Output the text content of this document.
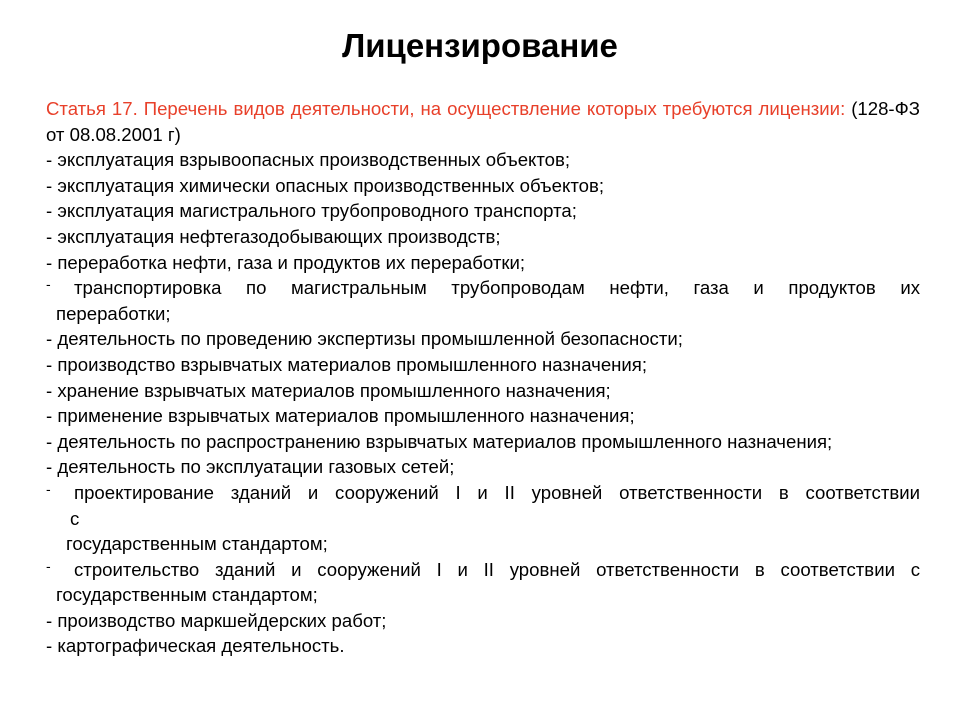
Лицензирование

Статья 17. Перечень видов деятельности, на осуществление которых требуются лицензии: (128-ФЗ от 08.08.2001 г)

- эксплуатация взрывоопасных производственных объектов;

- эксплуатация химически опасных производственных объектов;

- эксплуатация магистрального трубопроводного транспорта;

- эксплуатация нефтегазодобывающих производств;

- переработка нефти, газа и продуктов их переработки;

-	транспортировка по магистральным трубопроводам нефти, газа и продуктов их
переработки;

- деятельность по проведению экспертизы промышленной безопасности;

- производство взрывчатых материалов промышленного назначения;

- хранение взрывчатых материалов промышленного назначения;

- применение взрывчатых материалов промышленного назначения;

- деятельность по распространению взрывчатых материалов промышленного назначения;

- деятельность по эксплуатации газовых сетей;

-	проектирование зданий и сооружений I и II уровней ответственности в соответствии
с
государственным стандартом;
-	строительство зданий и сооружений I и II уровней ответственности в соответствии с
государственным стандартом;

- производство маркшейдерских работ;

- картографическая деятельность.
